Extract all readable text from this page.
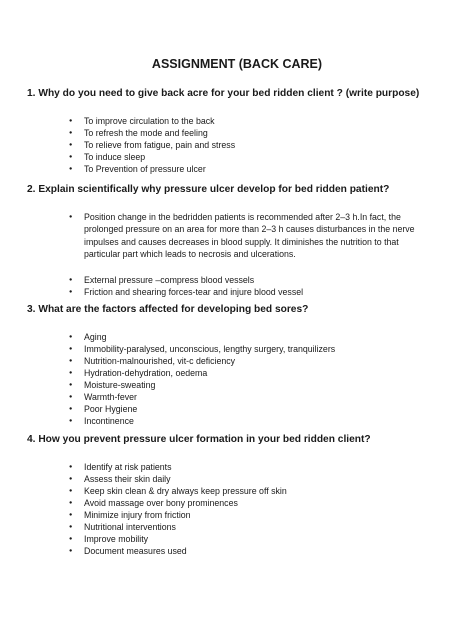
ASSIGNMENT (BACK CARE)

1. Why do you need to give back acre for your bed ridden client ? (write purpose)

● To improve circulation to the back
● To refresh the mode and feeling
● To relieve from fatigue, pain and stress
● To induce sleep
● To Prevention of pressure ulcer

2. Explain scientifically why pressure ulcer develop for bed ridden patient?

● Position change in the bedridden patients is recommended after 2–3 h.In fact, the
prolonged pressure on an area for more than 2–3 h causes disturbances in the nerve
impulses and causes decreases in blood supply. It diminishes the nutrition to that
particular part which leads to necrosis and ulcerations.
● External pressure –compress blood vessels
● Friction and shearing forces-tear and injure blood vessel

3. What are the factors affected for developing bed sores?

● Aging
● Immobility-paralysed, unconscious, lengthy surgery, tranquilizers
● Nutrition-malnourished, vit-c deficiency
● Hydration-dehydration, oedema
● Moisture-sweating
● Warmth-fever
● Poor Hygiene
● Incontinence

4. How you prevent pressure ulcer formation in your bed ridden client?

● Identify at risk patients
● Assess their skin daily
● Keep skin clean & dry always keep pressure off skin
● Avoid massage over bony prominences
● Minimize injury from friction
● Nutritional interventions
● Improve mobility
● Document measures used
